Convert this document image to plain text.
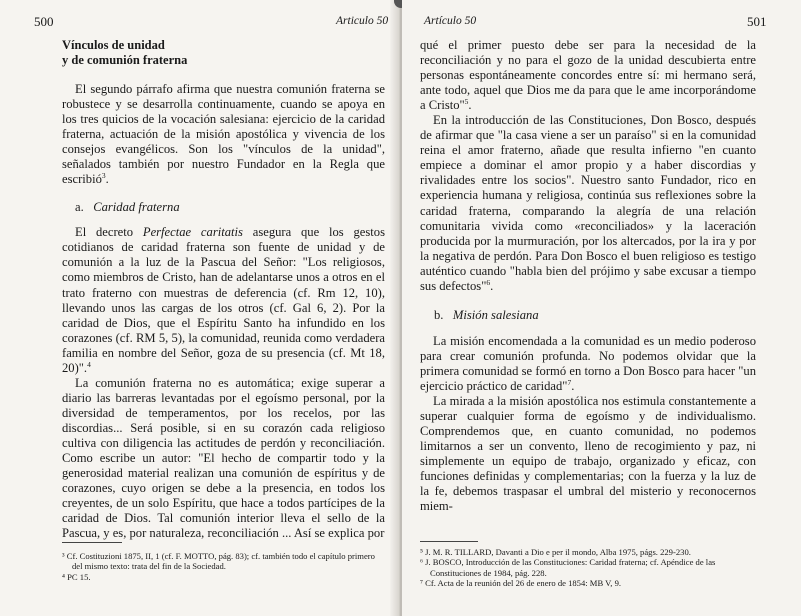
500	Articulo 50
Vínculos de unidad
y de comunión fraterna

El segundo párrafo afirma que nuestra comunión fraterna se robustece y se desarrolla continuamente, cuando se apoya en los tres quicios de la vocación salesiana: ejercicio de la caridad fraterna, actuación de la misión apostólica y vivencia de los consejos evangélicos. Son los "vínculos de la unidad", señalados también por nuestro Fundador en la Regla que escribió$^3$.

a. Caridad fraterna

El decreto Perfectae caritatis asegura que los gestos cotidianos de caridad fraterna son fuente de unidad y de comunión a la luz de la Pascua del Señor: "Los religiosos, como miembros de Cristo, han de adelantarse unos a otros en el trato fraterno con muestras de deferencia (cf. Rm 12, 10), llevando unos las cargas de los otros (cf. Gal 6, 2). Por la caridad de Dios, que el Espíritu Santo ha infundido en los corazones (cf. RM 5, 5), la comunidad, reunida como verdadera familia en nombre del Señor, goza de su presencia (cf. Mt 18, 20)".$^4$

La comunión fraterna no es automática; exige superar a diario las barreras levantadas por el egoísmo personal, por la diversidad de temperamentos, por los recelos, por las discordias... Será posible, si en su corazón cada religioso cultiva con diligencia las actitudes de perdón y reconciliación. Como escribe un autor: "El hecho de compartir todo y la generosidad material realizan una comunión de espíritus y de corazones, cuyo origen se debe a la presencia, en todos los creyentes, de un solo Espíritu, que hace a todos partícipes de la caridad de Dios. Tal comunión interior lleva el sello de la Pascua, y es, por naturaleza, reconciliación ... Así se explica por

³ Cf. Costituzioni 1875, II, 1 (cf. F. MOTTO, pág. 83); cf. también todo el capítulo primero del mismo texto: trata del fin de la Sociedad.

⁴ PC 15.

Artículo 50	501

qué el primer puesto debe ser para la necesidad de la reconciliación y no para el gozo de la unidad descubierta entre personas espontáneamente concordes entre sí: mi hermano será, ante todo, aquel que Dios me da para que le ame incorporándome a Cristo"$^5$.

En la introducción de las Constituciones, Don Bosco, después de afirmar que "la casa viene a ser un paraíso" si en la comunidad reina el amor fraterno, añade que resulta infierno "en cuanto empiece a dominar el amor propio y a haber discordias y rivalidades entre los socios". Nuestro santo Fundador, rico en experiencia humana y religiosa, continúa sus reflexiones sobre la caridad fraterna, comparando la alegría de una relación comunitaria vivida como «reconciliados» y la laceración producida por la murmuración, por los altercados, por la ira y por la negativa de perdón. Para Don Bosco el buen religioso es testigo auténtico cuando "habla bien del prójimo y sabe excusar a tiempo sus defectos"$^6$.

b. Misión salesiana

La misión encomendada a la comunidad es un medio poderoso para crear comunión profunda. No podemos olvidar que la primera comunidad se formó en torno a Don Bosco para hacer "un ejercicio práctico de caridad"$^7$.

La mirada a la misión apostólica nos estimula constantemente a superar cualquier forma de egoísmo y de individualismo. Comprendemos que, en cuanto comunidad, no podemos limitarnos a ser un convento, lleno de recogimiento y paz, ni simplemente un equipo de trabajo, organizado y eficaz, con funciones definidas y complementarias; con la fuerza y la luz de la fe, debemos traspasar el umbral del misterio y reconocernos miem-

⁵ J. M. R. TILLARD, Davanti a Dio e per il mondo, Alba 1975, págs. 229-230.

⁶ J. BOSCO, Introducción de las Constituciones: Caridad fraterna; cf. Apéndice de las Constituciones de 1984, pág. 228.

⁷ Cf. Acta de la reunión del 26 de enero de 1854: MB V, 9.
